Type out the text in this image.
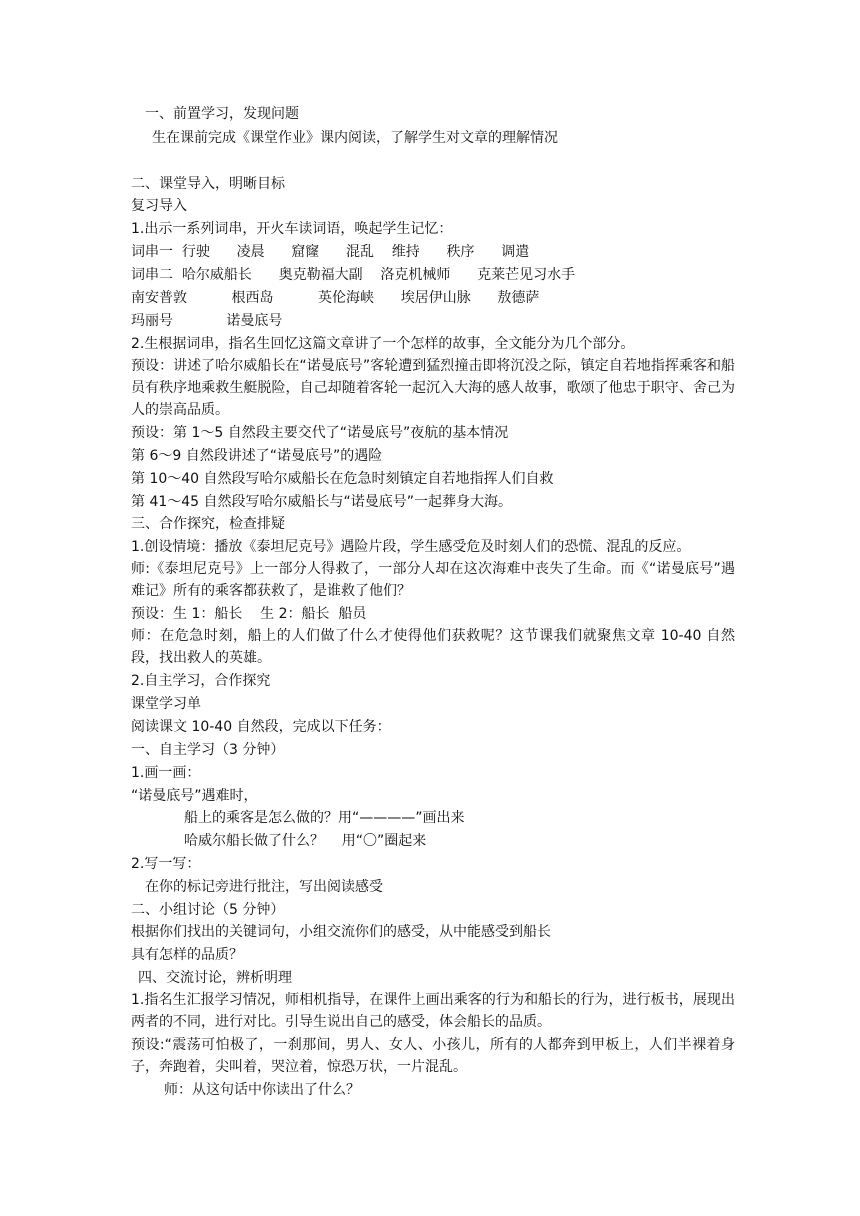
一、前置学习，发现问题
生在课前完成《课堂作业》课内阅读，了解学生对文章的理解情况
二、课堂导入，明晰目标
复习导入
1.出示一系列词串，开火车读词语，唤起学生记忆：
词串一  行驶      凌晨      窟窿      混乱    维持      秩序      调遣
词串二  哈尔威船长      奥克勒福大副    洛克机械师      克莱芒见习水手
南安普敦          根西岛          英伦海峡      埃居伊山脉      敖德萨
玛丽号            诺曼底号
2.生根据词串，指名生回忆这篇文章讲了一个怎样的故事，全文能分为几个部分。
预设：讲述了哈尔威船长在“诺曼底号”客轮遭到猛烈撞击即将沉没之际，镇定自若地指挥乘客和船员有秩序地乘救生艇脱险，自己却随着客轮一起沉入大海的感人故事，歌颂了他忠于职守、舍己为人的崇高品质。
预设：第 1～5 自然段主要交代了“诺曼底号”夜航的基本情况
第 6～9 自然段讲述了“诺曼底号”的遇险
第 10～40 自然段写哈尔威船长在危急时刻镇定自若地指挥人们自救
第 41～45 自然段写哈尔威船长与“诺曼底号”一起葬身大海。
三、合作探究，检查排疑
1.创设情境：播放《泰坦尼克号》遇险片段，学生感受危及时刻人们的恐慌、混乱的反应。
师:《泰坦尼克号》上一部分人得救了，一部分人却在这次海难中丧失了生命。而《“诺曼底号”遇难记》所有的乘客都获救了，是谁救了他们？
预设：生 1：船长    生 2：船长  船员
师：在危急时刻，船上的人们做了什么才使得他们获救呢？这节课我们就聚焦文章 10-40 自然段，找出救人的英雄。
2.自主学习，合作探究
课堂学习单
阅读课文 10-40 自然段，完成以下任务：
一、自主学习（3 分钟）
1.画一画：
“诺曼底号”遇难时，
船上的乘客是怎么做的？用“————”画出来
哈威尔船长做了什么？    用“〇”圈起来
2.写一写：
在你的标记旁进行批注，写出阅读感受
二、小组讨论（5 分钟）
根据你们找出的关键词句，小组交流你们的感受，从中能感受到船长
具有怎样的品质？
四、交流讨论，辨析明理
1.指名生汇报学习情况，师相机指导，在课件上画出乘客的行为和船长的行为，进行板书，展现出两者的不同，进行对比。引导生说出自己的感受，体会船长的品质。
预设:“震荡可怕极了，一刹那间，男人、女人、小孩儿，所有的人都奔到甲板上，人们半裸着身子，奔跑着，尖叫着，哭泣着，惊恐万状，一片混乱。
师：从这句话中你读出了什么？
